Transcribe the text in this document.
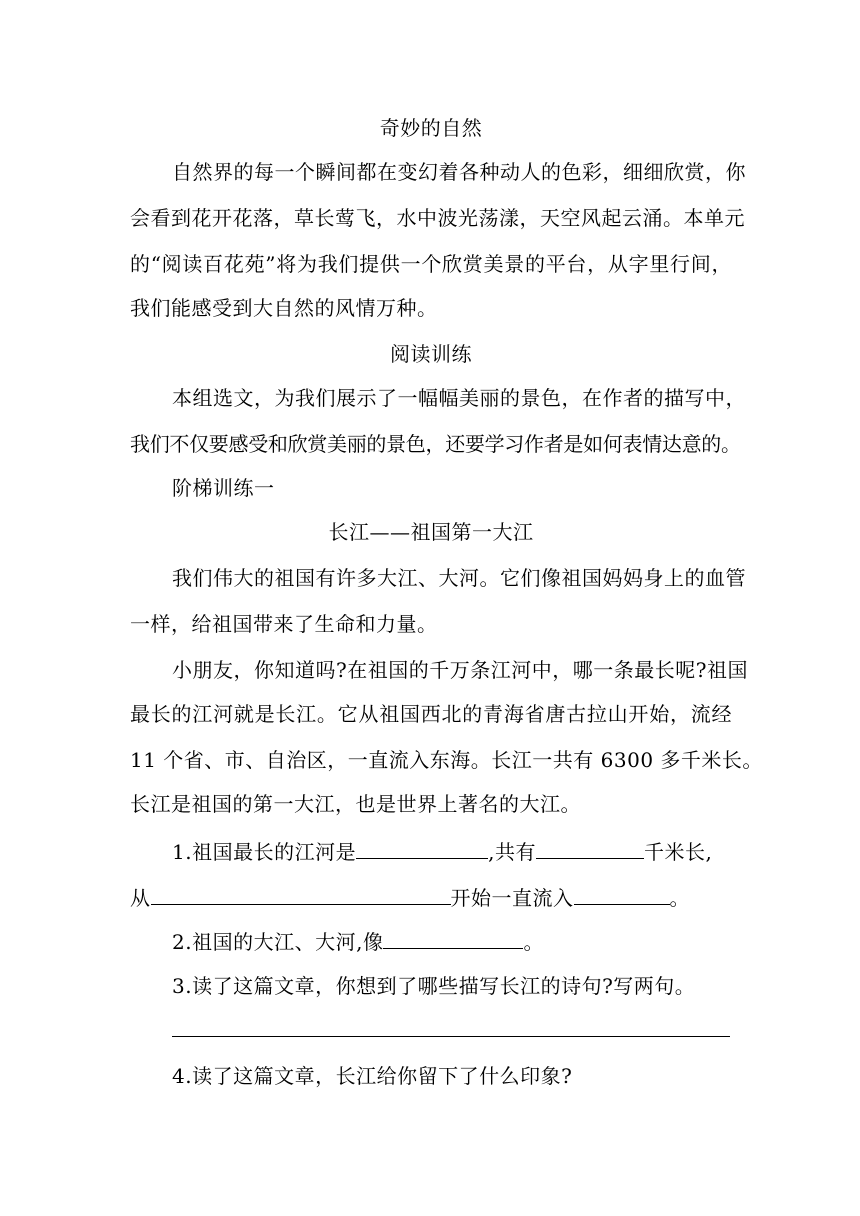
奇妙的自然
自然界的每一个瞬间都在变幻着各种动人的色彩，细细欣赏，你
会看到花开花落，草长莺飞，水中波光荡漾，天空风起云涌。本单元
的“阅读百花苑”将为我们提供一个欣赏美景的平台，从字里行间，
我们能感受到大自然的风情万种。
阅读训练
本组选文，为我们展示了一幅幅美丽的景色，在作者的描写中，
我们不仅要感受和欣赏美丽的景色，还要学习作者是如何表情达意的。
阶梯训练一
长江——祖国第一大江
我们伟大的祖国有许多大江、大河。它们像祖国妈妈身上的血管
一样，给祖国带来了生命和力量。
小朋友，你知道吗?在祖国的千万条江河中，哪一条最长呢?祖国
最长的江河就是长江。它从祖国西北的青海省唐古拉山开始，流经
11 个省、市、自治区，一直流入东海。长江一共有 6300 多千米长。
长江是祖国的第一大江，也是世界上著名的大江。
1.祖国最长的江河是	,共有	千米长,
从	开始一直流入	。
2.祖国的大江、大河,像	。
3.读了这篇文章，你想到了哪些描写长江的诗句?写两句。
4.读了这篇文章，长江给你留下了什么印象?
